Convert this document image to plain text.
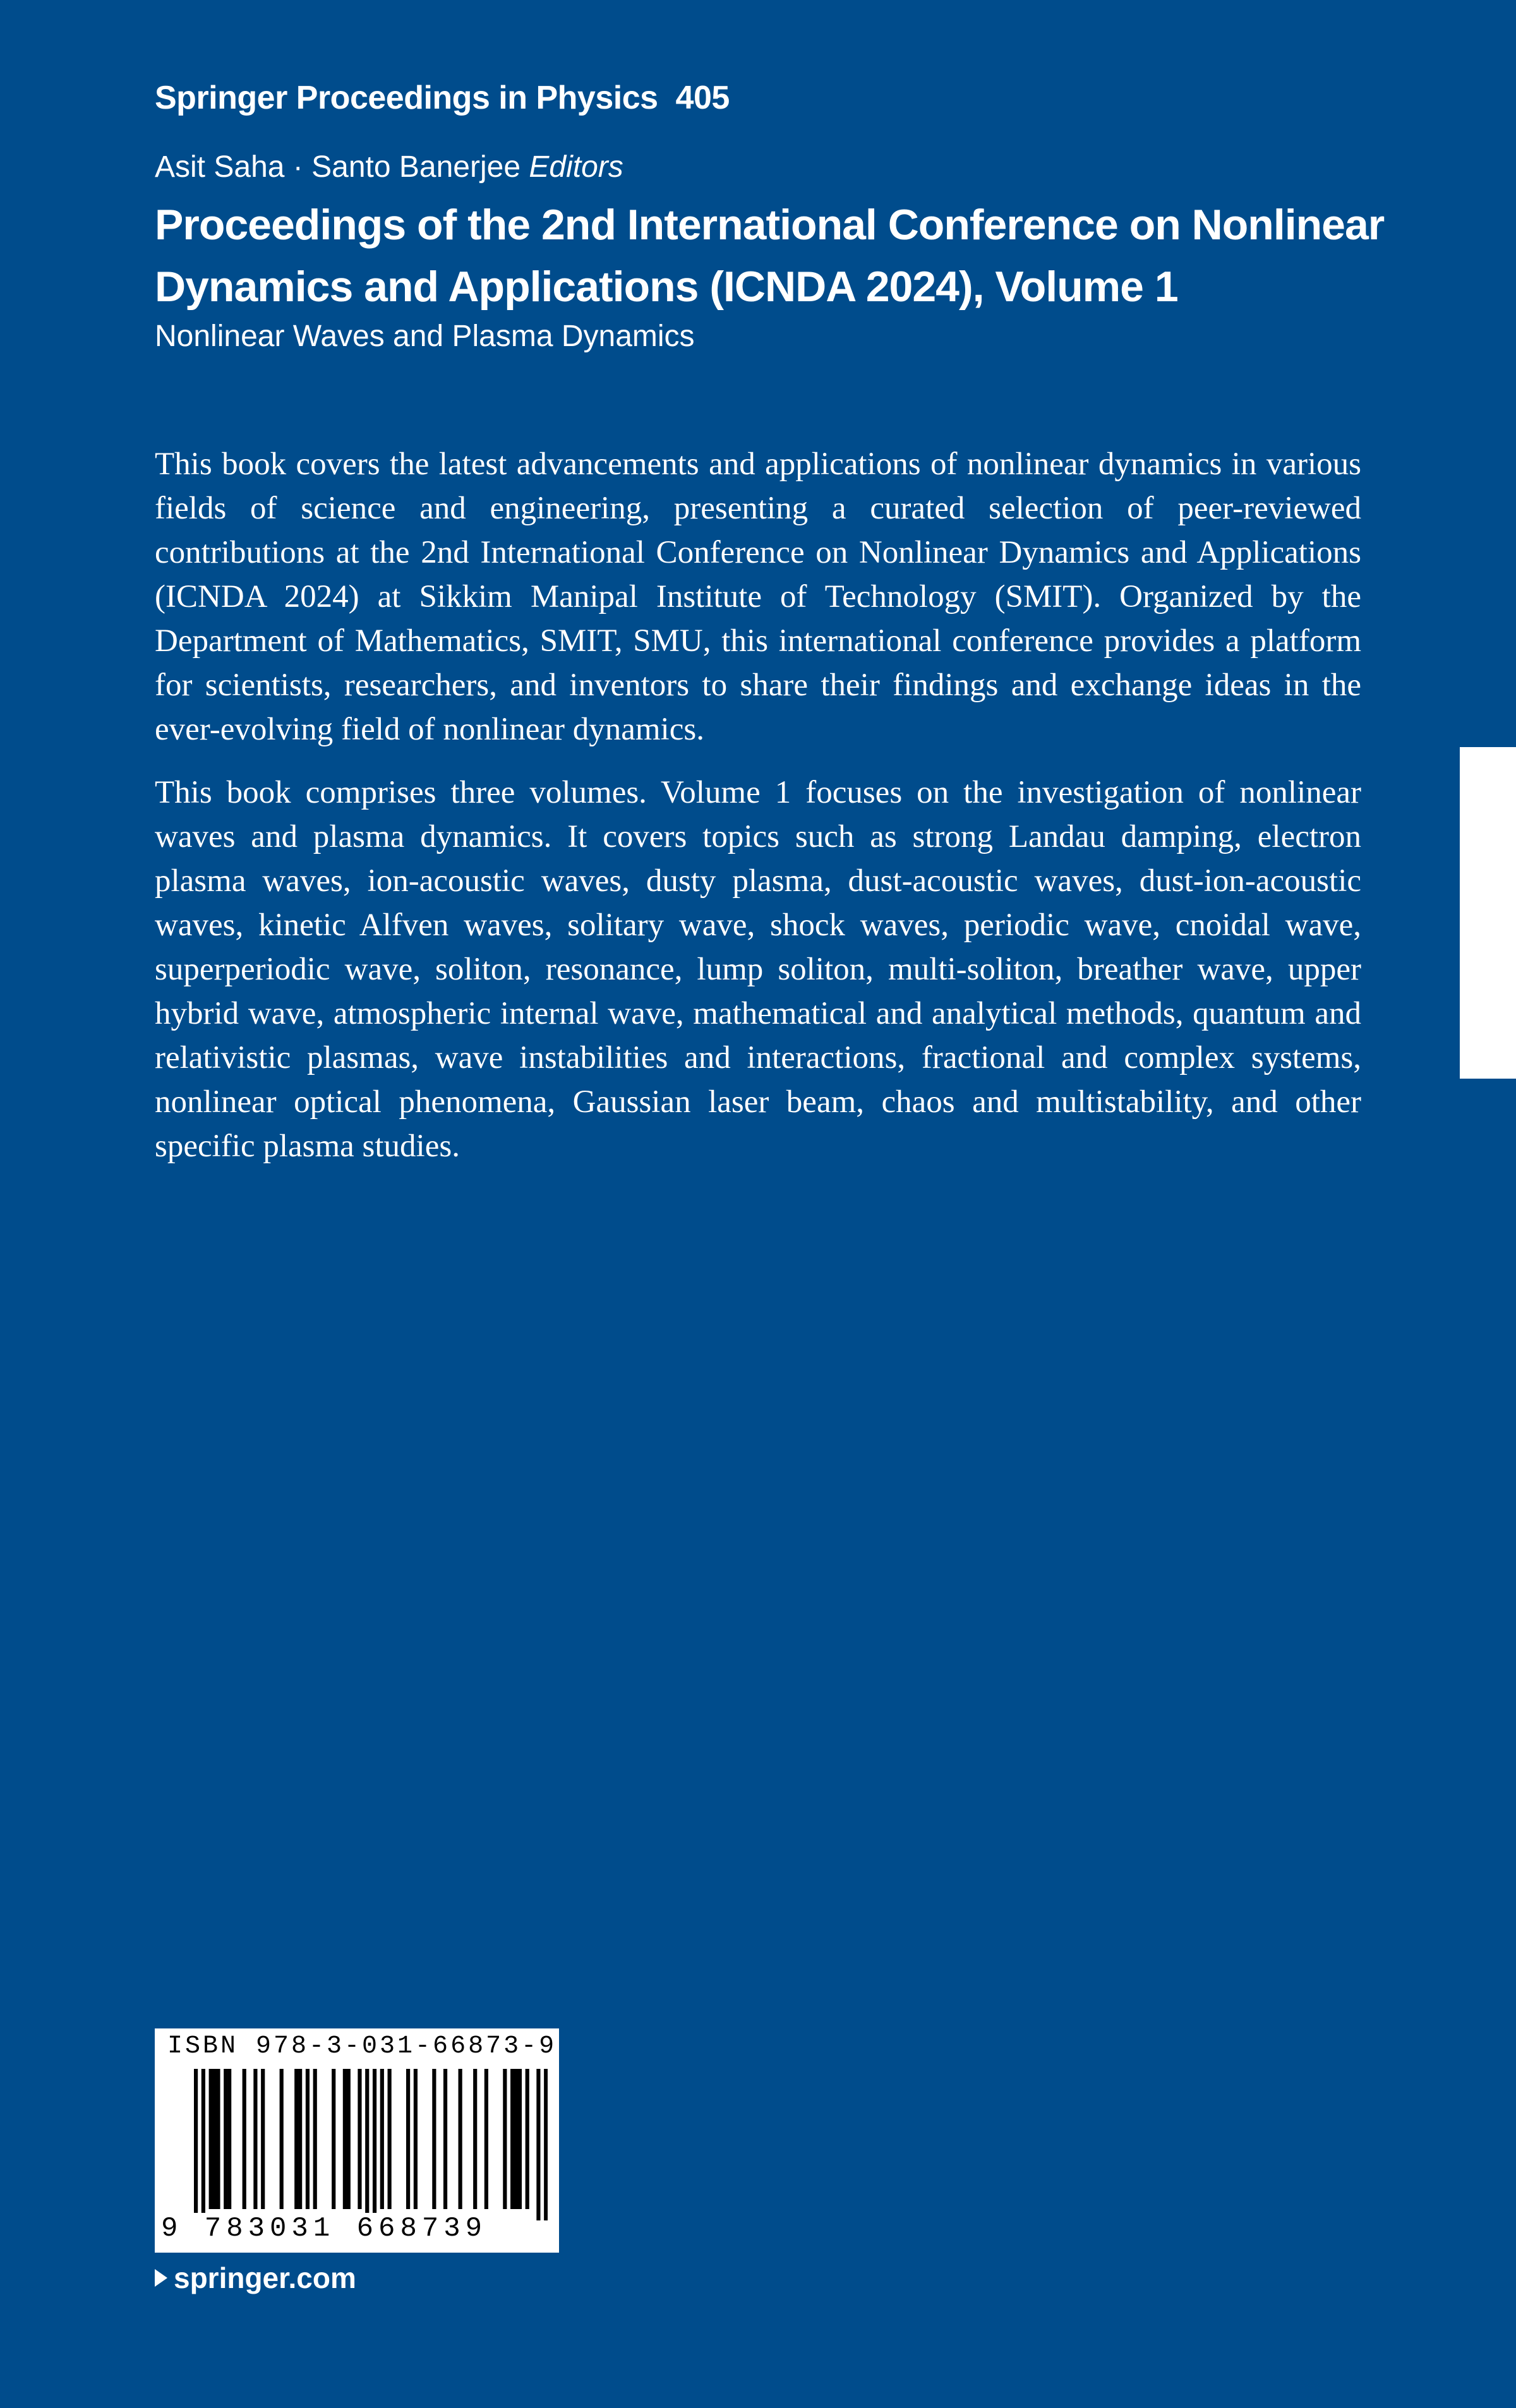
Springer Proceedings in Physics 405
Asit Saha · Santo Banerjee Editors
Proceedings of the 2nd International Conference on Nonlinear
Dynamics and Applications (ICNDA 2024), Volume 1
Nonlinear Waves and Plasma Dynamics

This book covers the latest advancements and applications of nonlinear dynamics in various fields of science and engineering, presenting a curated selection of peer-reviewed contributions at the 2nd International Conference on Nonlinear Dynamics and Applications (ICNDA 2024) at Sikkim Manipal Institute of Technology (SMIT). Organized by the Department of Mathematics, SMIT, SMU, this international conference provides a platform for scientists, researchers, and inventors to share their findings and exchange ideas in the ever-evolving field of nonlinear dynamics.

This book comprises three volumes. Volume 1 focuses on the investigation of nonlinear waves and plasma dynamics. It covers topics such as strong Landau damping, electron plasma waves, ion-acoustic waves, dusty plasma, dust-acoustic waves, dust-ion-acoustic waves, kinetic Alfven waves, solitary wave, shock waves, periodic wave, cnoidal wave, superperiodic wave, soliton, resonance, lump soliton, multi-soliton, breather wave, upper hybrid wave, atmospheric internal wave, mathematical and analytical methods, quantum and relativistic plasmas, wave instabilities and interactions, fractional and complex systems, nonlinear optical phenomena, Gaussian laser beam, chaos and multistability, and other specific plasma studies.

ISBN 978-3-031-66873-9
9 783031 668739
springer.com
